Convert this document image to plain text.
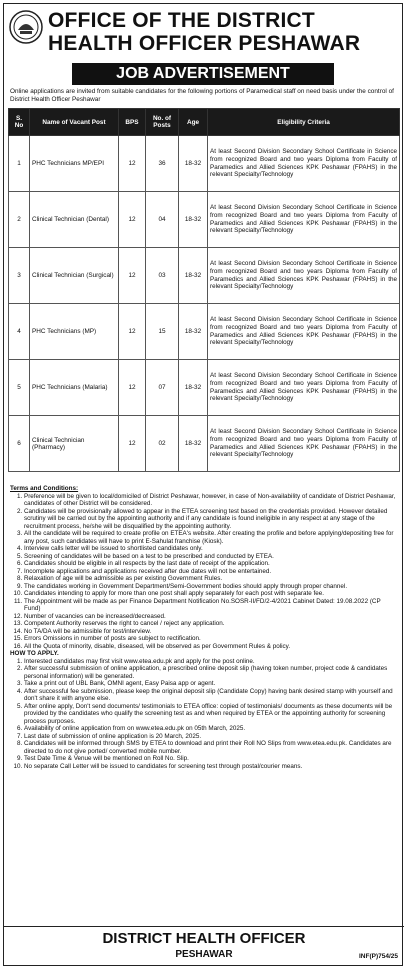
OFFICE OF THE DISTRICT
HEALTH OFFICER PESHAWAR
JOB ADVERTISEMENT
Online applications are invited from suitable candidates for the following portions of Paramedical staff on need basis under the control of District Health Officer Peshawar
S. No	Name of Vacant Post	BPS	No. of Posts	Age	Eligibility Criteria
1	PHC Technicians MP/EPI	12	36	18-32	At least Second Division Secondary School Certificate in Science from recognized Board and two years Diploma from Faculty of Paramedics and Allied Sciences KPK Peshawar (FPAHS) in the relevant Specialty/Technology
2	Clinical Technician (Dental)	12	04	18-32	At least Second Division Secondary School Certificate in Science from recognized Board and two years Diploma from Faculty of Paramedics and Allied Sciences KPK Peshawar (FPAHS) in the relevant Specialty/Technology
3	Clinical Technician (Surgical)	12	03	18-32	At least Second Division Secondary School Certificate in Science from recognized Board and two years Diploma from Faculty of Paramedics and Allied Sciences KPK Peshawar (FPAHS) in the relevant Specialty/Technology
4	PHC Technicians (MP)	12	15	18-32	At least Second Division Secondary School Certificate in Science from recognized Board and two years Diploma from Faculty of Paramedics and Allied Sciences KPK Peshawar (FPAHS) in the relevant Specialty/Technology
5	PHC Technicians (Malaria)	12	07	18-32	At least Second Division Secondary School Certificate in Science from recognized Board and two years Diploma from Faculty of Paramedics and Allied Sciences KPK Peshawar (FPAHS) in the relevant Specialty/Technology
6	Clinical Technician (Pharmacy)	12	02	18-32	At least Second Division Secondary School Certificate in Science from recognized Board and two years Diploma from Faculty of Paramedics and Allied Sciences KPK Peshawar (FPAHS) in the relevant Specialty/Technology

Terms and Conditions:

1. Preference will be given to local/domiciled of District Peshawar, however, in case of Non-availability of candidate of District Peshawar, candidates of other District will be considered.
2. Candidates will be provisionally allowed to appear in the ETEA screening test based on the credentials provided. However detailed scrutiny will be carried out by the appointing authority and if any candidate is found ineligible in any respect at any stage of the recruitment process, he/she will be disqualified by the appointing authority.
3. All the candidate will be required to create profile on ETEA's website. After creating the profile and before applying/depositing free for any post, such candidates will have to print E-Sahulat franchise (Kiosk).
4. Interview calls letter will be issued to shortlisted candidates only.
5. Screening of candidates will be based on a test to be prescribed and conducted by ETEA.
6. Candidates should be eligible in all respects by the last date of receipt of the application.
7. Incomplete applications and applications received after due dates will not be entertained.
8. Relaxation of age will be admissible as per existing Government Rules.
9. The candidates working in Government Department/Semi-Government bodies should apply through proper channel.
10. Candidates intending to apply for more than one post shall apply separately for each post with separate fee.
11. The Appointment will be made as per Finance Department Notification No.SOSR-II/FD/2-4/2021 Cabinet Dated: 19.08.2022 (CP Fund)
12. Number of vacancies can be increased/decreased.
13. Competent Authority reserves the right to cancel / reject any application.
14. No TA/DA will be admissible for test/interview.
15. Errors Omissions in number of posts are subject to rectification.
16. All the Quota of minority, disable, diseased, will be observed as per Government Rules & policy.

HOW TO APPLY.

1. Interested candidates may first visit www.etea.edu.pk and apply for the post online.
2. After successful submission of online application, a prescribed online deposit slip (having token number, project code & candidates personal information) will be generated.
3. Take a print out of UBL Bank, OMNI agent, Easy Paisa app or agent.
4. After successful fee submission, please keep the original deposit slip (Candidate Copy) having bank desired stamp with yourself and don't share it with anyone else.
5. After online apply, Don't send documents/ testimonials to ETEA office: copied of testimonials/ documents as these documents will be provided by the candidates who qualify the screening test as and when required by ETEA or the appointing authority for screening process purposes.
6. Availability of online application from on www.etea.edu.pk on 05th March, 2025.
7. Last date of submission of online application is 20 March, 2025.
8. Candidates will be informed through SMS by ETEA to download and print their Roll NO Slips from www.etea.edu.pk. Candidates are directed to do not give ported/ converted mobile number.
9. Test Date Time & Venue will be mentioned on Roll No. Slip.
10. No separate Call Letter will be issued to candidates for screening test through postal/courier means.
DISTRICT HEALTH OFFICER
PESHAWAR	INF(P)754/25
